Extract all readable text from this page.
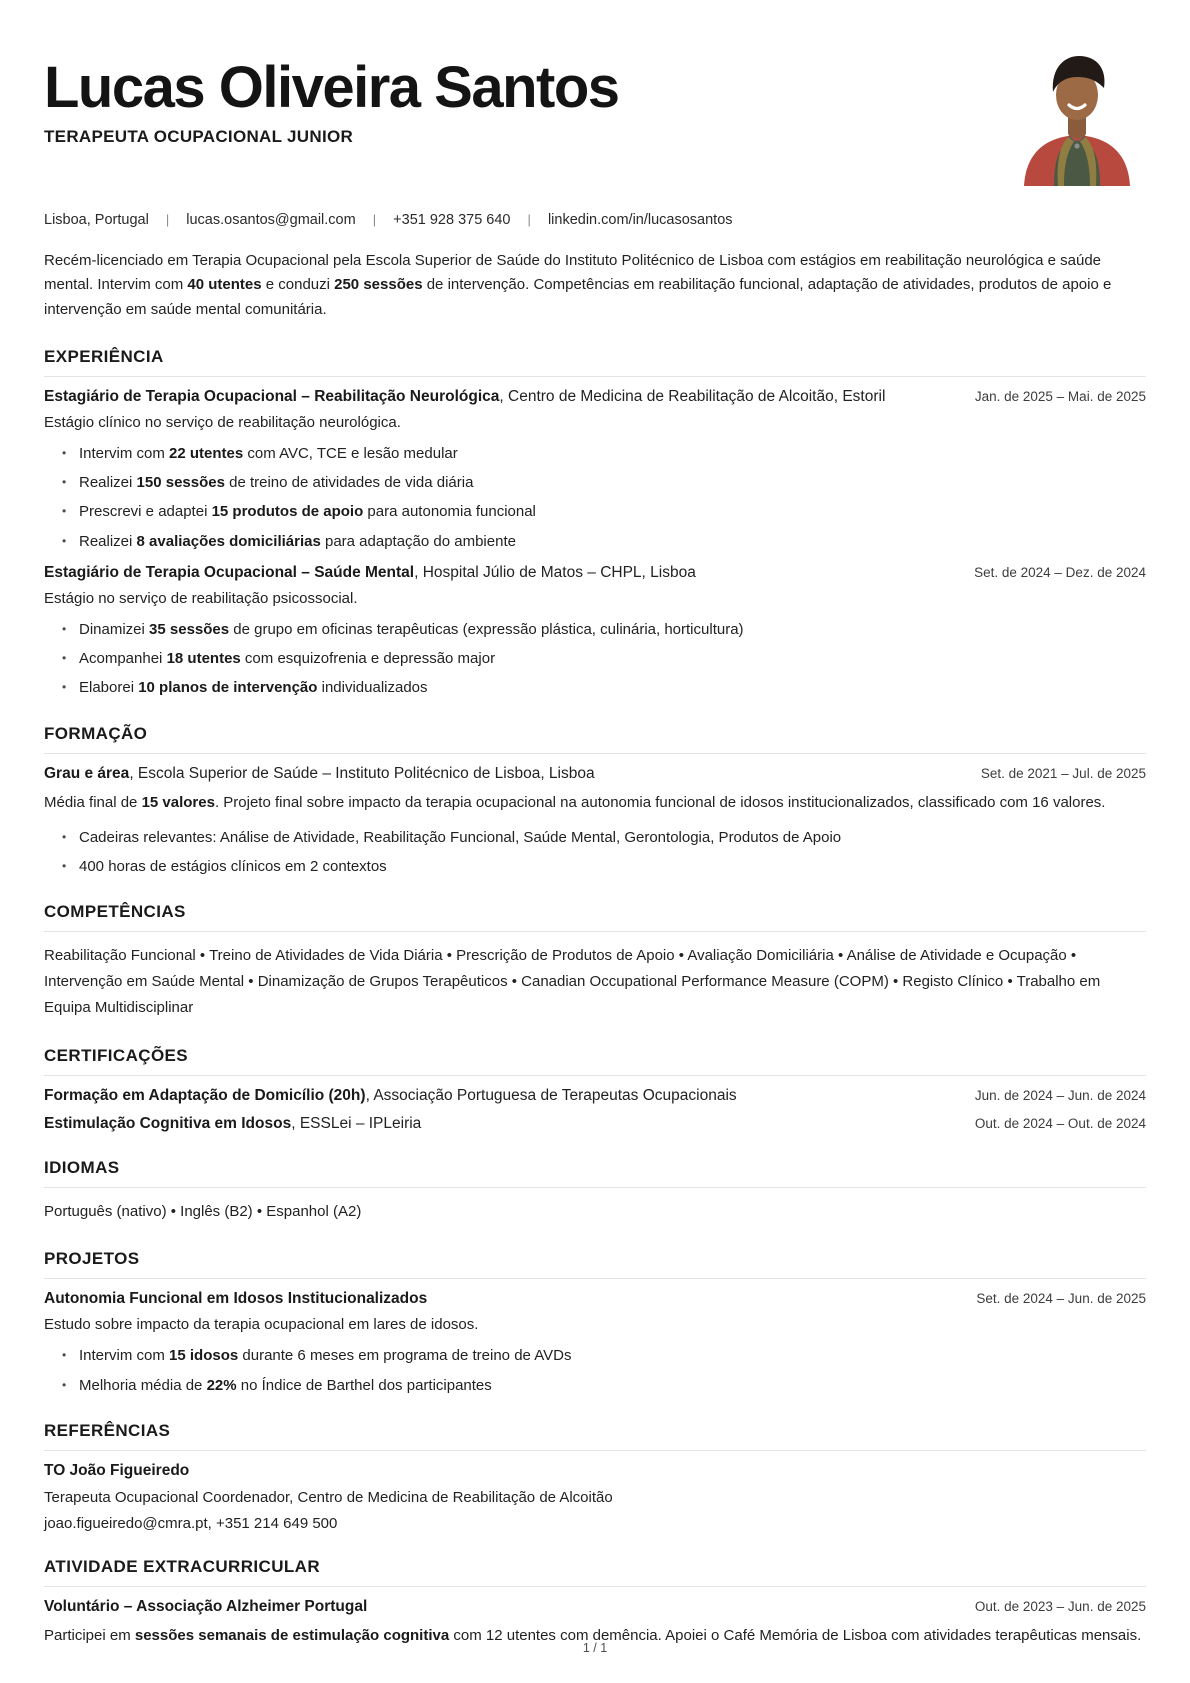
Lucas Oliveira Santos
TERAPEUTA OCUPACIONAL JUNIOR
Lisboa, Portugal | lucas.osantos@gmail.com | +351 928 375 640 | linkedin.com/in/lucasosantos

Recém-licenciado em Terapia Ocupacional pela Escola Superior de Saúde do Instituto Politécnico de Lisboa com estágios em reabilitação neurológica e saúde mental. Intervim com 40 utentes e conduzi 250 sessões de intervenção. Competências em reabilitação funcional, adaptação de atividades, produtos de apoio e intervenção em saúde mental comunitária.

EXPERIÊNCIA
Estagiário de Terapia Ocupacional – Reabilitação Neurológica, Centro de Medicina de Reabilitação de Alcoitão, Estoril	Jan. de 2025 – Mai. de 2025
Estágio clínico no serviço de reabilitação neurológica.
• Intervim com 22 utentes com AVC, TCE e lesão medular
• Realizei 150 sessões de treino de atividades de vida diária
• Prescrevi e adaptei 15 produtos de apoio para autonomia funcional
• Realizei 8 avaliações domiciliárias para adaptação do ambiente
Estagiário de Terapia Ocupacional – Saúde Mental, Hospital Júlio de Matos – CHPL, Lisboa	Set. de 2024 – Dez. de 2024
Estágio no serviço de reabilitação psicossocial.
• Dinamizei 35 sessões de grupo em oficinas terapêuticas (expressão plástica, culinária, horticultura)
• Acompanhei 18 utentes com esquizofrenia e depressão major
• Elaborei 10 planos de intervenção individualizados
FORMAÇÃO
Grau e área, Escola Superior de Saúde – Instituto Politécnico de Lisboa, Lisboa	Set. de 2021 – Jul. de 2025
Média final de 15 valores. Projeto final sobre impacto da terapia ocupacional na autonomia funcional de idosos institucionalizados, classificado com 16 valores.
• Cadeiras relevantes: Análise de Atividade, Reabilitação Funcional, Saúde Mental, Gerontologia, Produtos de Apoio
• 400 horas de estágios clínicos em 2 contextos
COMPETÊNCIAS

Reabilitação Funcional • Treino de Atividades de Vida Diária • Prescrição de Produtos de Apoio • Avaliação Domiciliária • Análise de Atividade e Ocupação • Intervenção em Saúde Mental • Dinamização de Grupos Terapêuticos • Canadian Occupational Performance Measure (COPM) • Registo Clínico • Trabalho em Equipa Multidisciplinar

CERTIFICAÇÕES
Formação em Adaptação de Domicílio (20h), Associação Portuguesa de Terapeutas Ocupacionais	Jun. de 2024 – Jun. de 2024
Estimulação Cognitiva em Idosos, ESSLei – IPLeiria	Out. de 2024 – Out. de 2024
IDIOMAS

Português (nativo) • Inglês (B2) • Espanhol (A2)

PROJETOS
Autonomia Funcional em Idosos Institucionalizados	Set. de 2024 – Jun. de 2025
Estudo sobre impacto da terapia ocupacional em lares de idosos.
• Intervim com 15 idosos durante 6 meses em programa de treino de AVDs
• Melhoria média de 22% no Índice de Barthel dos participantes
REFERÊNCIAS
TO João Figueiredo
Terapeuta Ocupacional Coordenador, Centro de Medicina de Reabilitação de Alcoitão
joao.figueiredo@cmra.pt, +351 214 649 500
ATIVIDADE EXTRACURRICULAR
Voluntário – Associação Alzheimer Portugal	Out. de 2023 – Jun. de 2025
Participei em sessões semanais de estimulação cognitiva com 12 utentes com demência. Apoiei o Café Memória de Lisboa com atividades terapêuticas mensais.
1 / 1
